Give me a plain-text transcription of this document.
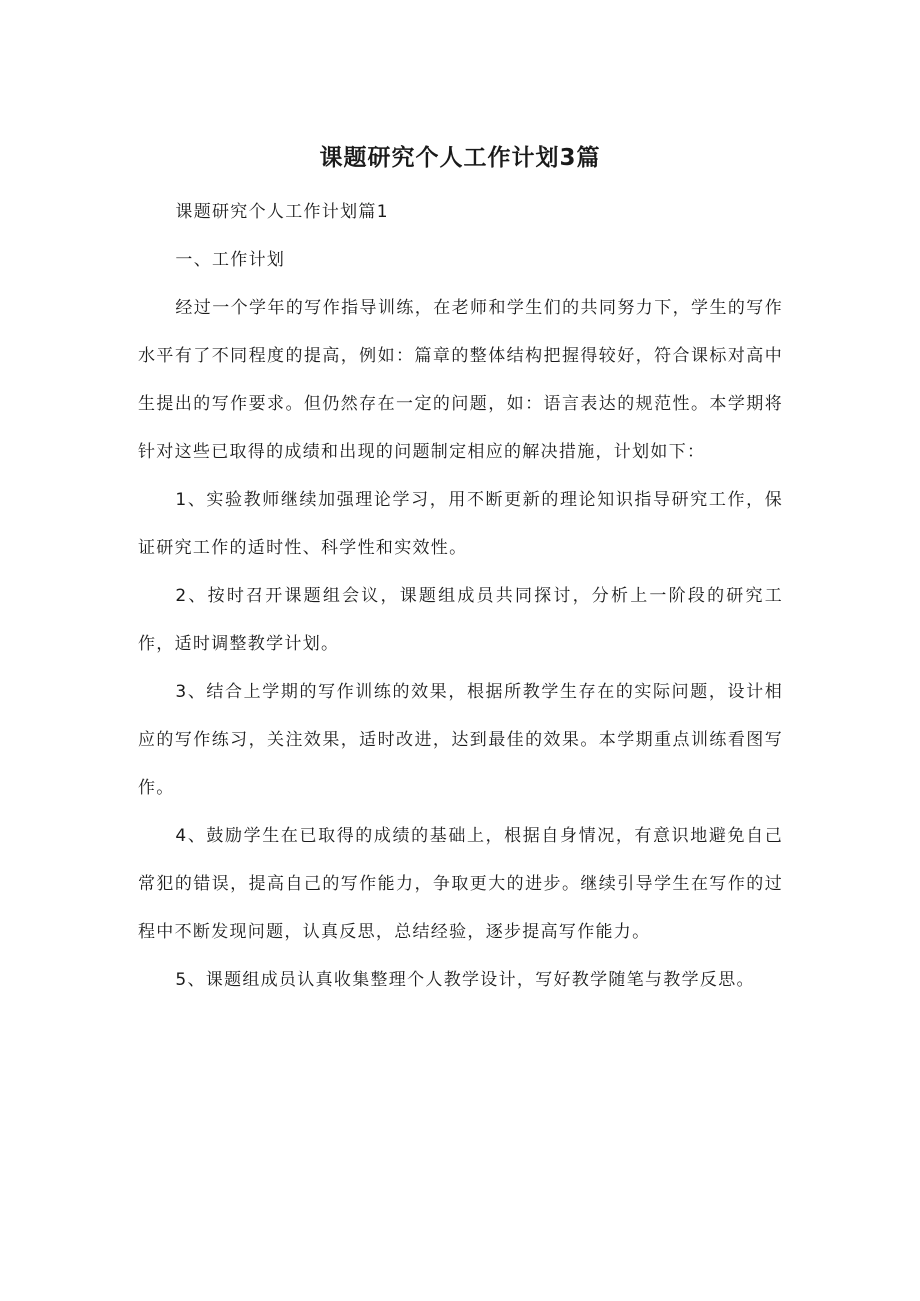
课题研究个人工作计划3篇

课题研究个人工作计划篇1

一、工作计划

经过一个学年的写作指导训练，在老师和学生们的共同努力下，学生的写作水平有了不同程度的提高，例如：篇章的整体结构把握得较好，符合课标对高中生提出的写作要求。但仍然存在一定的问题，如：语言表达的规范性。本学期将针对这些已取得的成绩和出现的问题制定相应的解决措施，计划如下：

1、实验教师继续加强理论学习，用不断更新的理论知识指导研究工作，保证研究工作的适时性、科学性和实效性。

2、按时召开课题组会议，课题组成员共同探讨，分析上一阶段的研究工作，适时调整教学计划。

3、结合上学期的写作训练的效果，根据所教学生存在的实际问题，设计相应的写作练习，关注效果，适时改进，达到最佳的效果。本学期重点训练看图写作。

4、鼓励学生在已取得的成绩的基础上，根据自身情况，有意识地避免自己常犯的错误，提高自己的写作能力，争取更大的进步。继续引导学生在写作的过程中不断发现问题，认真反思，总结经验，逐步提高写作能力。

5、课题组成员认真收集整理个人教学设计，写好教学随笔与教学反思。
